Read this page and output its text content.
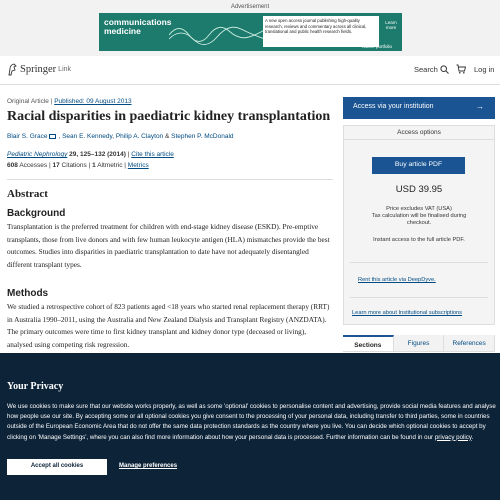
Advertisement
communications
medicine
A new open access journal publishing high-quality research, reviews and commentary across all clinical, translational and public health research fields.
Learn more
nature portfolio
Springer Link	Search	Log in
Original Article | Published: 09 August 2013
Racial disparities in paediatric kidney transplantation
Blair S. Grace , Sean E. Kennedy, Philip A. Clayton & Stephen P. McDonald
Pediatric Nephrology 29, 125–132 (2014) | Cite this article
608 Accesses | 17 Citations | 1 Altmetric | Metrics
Abstract
Background

Transplantation is the preferred treatment for children with end-stage kidney disease (ESKD). Pre-emptive transplants, those from live donors and with few human leukocyte antigen (HLA) mismatches provide the best outcomes. Studies into disparities in paediatric transplantation to date have not adequately disentangled different transplant types.

Methods

We studied a retrospective cohort of 823 patients aged <18 years who started renal replacement therapy (RRT) in Australia 1990–2011, using the Australia and New Zealand Dialysis and Transplant Registry (ANZDATA). The primary outcomes were time to first kidney transplant and kidney donor type (deceased or living), analysed using competing risk regression.

Access via your institution	→
Access options
Buy article PDF
USD 39.95
Price excludes VAT (USA)
Tax calculation will be finalised during checkout.
Instant access to the full article PDF.
Rent this article via DeepDyve.
Learn more about Institutional subscriptions
Sections	Figures	References
Your Privacy

We use cookies to make sure that our website works properly, as well as some 'optional' cookies to personalise content and advertising, provide social media features and analyse how people use our site. By accepting some or all optional cookies you give consent to the processing of your personal data, including transfer to third parties, some in countries outside of the European Economic Area that do not offer the same data protection standards as the country where you live. You can decide which optional cookies to accept by clicking on 'Manage Settings', where you can also find more information about how your personal data is processed. Further information can be found in our privacy policy.

Accept all cookies	Manage preferences
